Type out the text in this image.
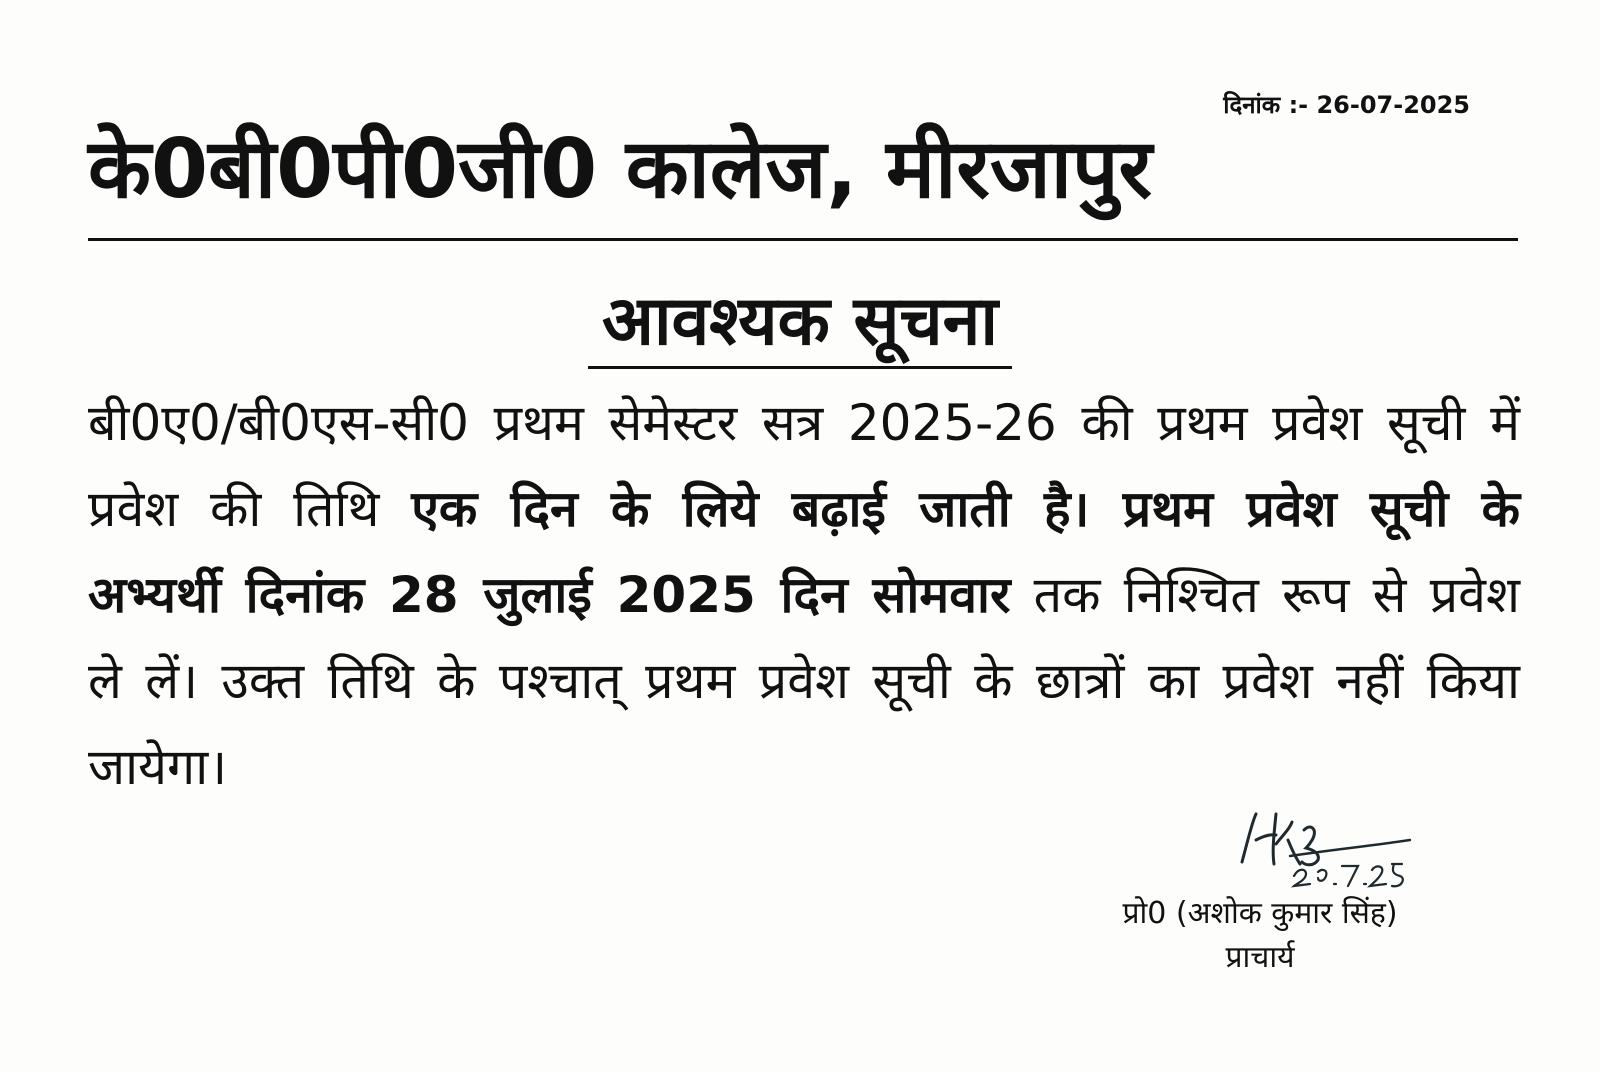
दिनांक :- 26-07-2025
के0बी0पी0जी0 कालेज, मीरजापुर
आवश्यक सूचना

बी0ए0/बी0एस-सी0 प्रथम सेमेस्टर सत्र 2025-26 की प्रथम प्रवेश सूची में प्रवेश की तिथि एक दिन के लिये बढ़ाई जाती है। प्रथम प्रवेश सूची के अभ्यर्थी दिनांक 28 जुलाई 2025 दिन सोमवार तक निश्चित रूप से प्रवेश ले लें। उक्त तिथि के पश्चात् प्रथम प्रवेश सूची के छात्रों का प्रवेश नहीं किया जायेगा।

प्रो0 (अशोक कुमार सिंह)
प्राचार्य
